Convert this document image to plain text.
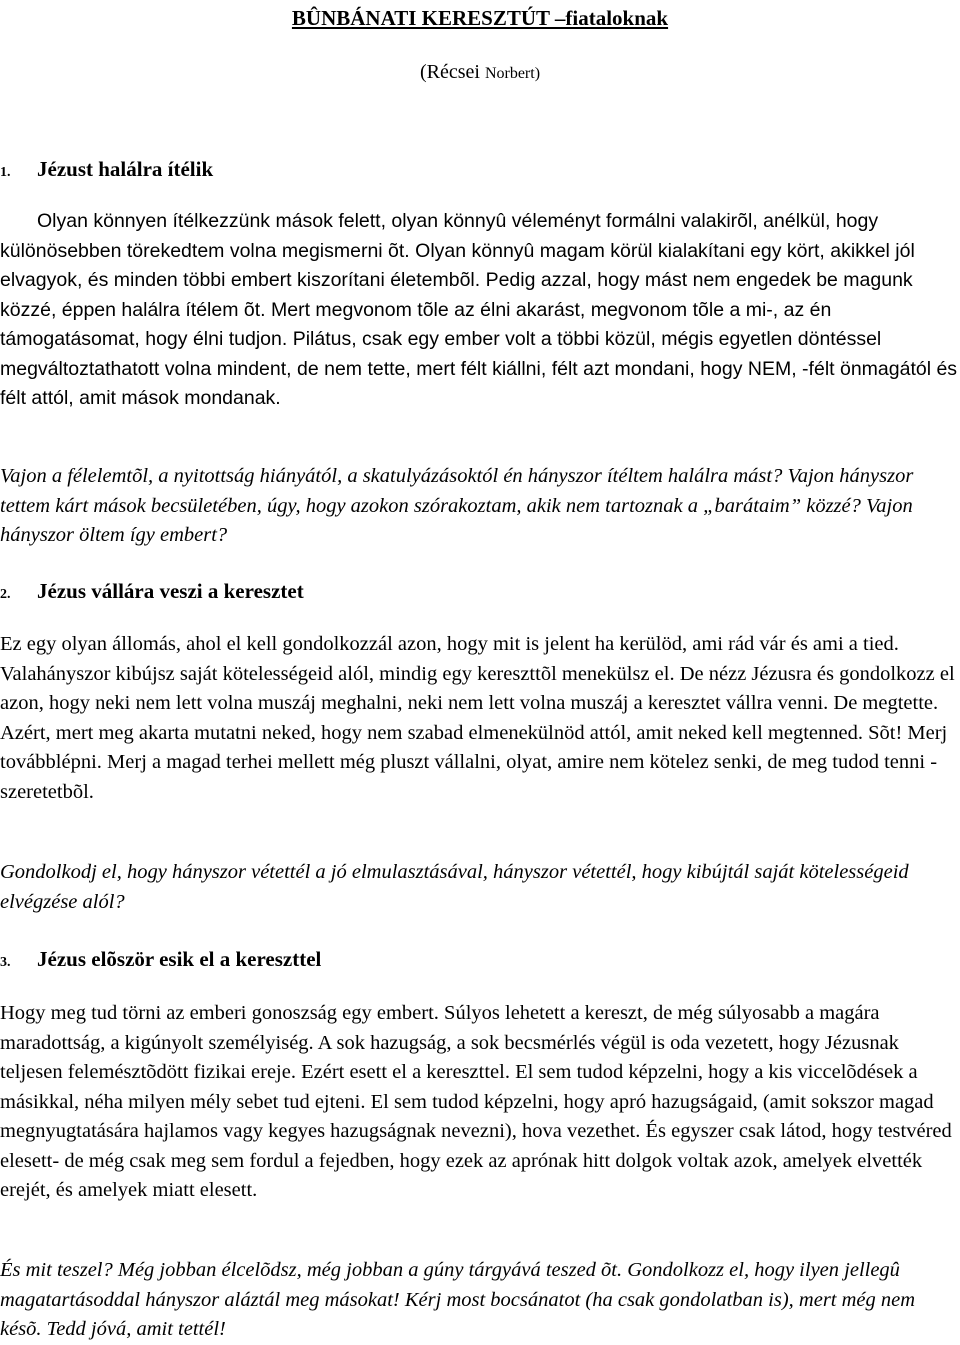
BÛNBÁNATI KERESZTÚT –fiataloknak
(Récsei Norbert)
1. Jézust halálra ítélik

Olyan könnyen ítélkezzünk mások felett, olyan könnyû véleményt formálni valakirõl, anélkül, hogy különösebben törekedtem volna megismerni õt. Olyan könnyû magam körül kialakítani egy kört, akikkel jól elvagyok, és minden többi embert kiszorítani életembõl. Pedig azzal, hogy mást nem engedek be magunk közzé, éppen halálra ítélem õt. Mert megvonom tõle az élni akarást, megvonom tõle a mi-, az én támogatásomat, hogy élni tudjon. Pilátus, csak egy ember volt a többi közül, mégis egyetlen döntéssel megváltoztathatott volna mindent, de nem tette, mert félt kiállni, félt azt mondani, hogy NEM, -félt önmagától és félt attól, amit mások mondanak.

Vajon a félelemtõl, a nyitottság hiányától, a skatulyázásoktól én hányszor ítéltem halálra mást? Vajon hányszor tettem kárt mások becsületében, úgy, hogy azokon szórakoztam, akik nem tartoznak a „barátaim” közzé? Vajon hányszor öltem így embert?

2. Jézus vállára veszi a keresztet

Ez egy olyan állomás, ahol el kell gondolkozzál azon, hogy mit is jelent ha kerülöd, ami rád vár és ami a tied. Valahányszor kibújsz saját kötelességeid alól, mindig egy kereszttõl menekülsz el. De nézz Jézusra és gondolkozz el azon, hogy neki nem lett volna muszáj meghalni, neki nem lett volna muszáj a keresztet vállra venni. De megtette. Azért, mert meg akarta mutatni neked, hogy nem szabad elmenekülnöd attól, amit neked kell megtenned. Sõt! Merj továbblépni. Merj a magad terhei mellett még pluszt vállalni, olyat, amire nem kötelez senki, de meg tudod tenni - szeretetbõl.

Gondolkodj el, hogy hányszor vétettél a jó elmulasztásával, hányszor vétettél, hogy kibújtál saját kötelességeid elvégzése alól?

3. Jézus elõször esik el a kereszttel

Hogy meg tud törni az emberi gonoszság egy embert. Súlyos lehetett a kereszt, de még súlyosabb a magára maradottság, a kigúnyolt személyiség. A sok hazugság, a sok becsmérlés végül is oda vezetett, hogy Jézusnak teljesen felemésztõdött fizikai ereje. Ezért esett el a kereszttel. El sem tudod képzelni, hogy a kis viccelõdések a másikkal, néha milyen mély sebet tud ejteni. El sem tudod képzelni, hogy apró hazugságaid, (amit sokszor magad megnyugtatására hajlamos vagy kegyes hazugságnak nevezni), hova vezethet. És egyszer csak látod, hogy testvéred elesett- de még csak meg sem fordul a fejedben, hogy ezek az aprónak hitt dolgok voltak azok, amelyek elvették erejét, és amelyek miatt elesett.

És mit teszel? Még jobban élcelõdsz, még jobban a gúny tárgyává teszed õt. Gondolkozz el, hogy ilyen jellegû magatartásoddal hányszor aláztál meg másokat! Kérj most bocsánatot (ha csak gondolatban is), mert még nem késõ. Tedd jóvá, amit tettél!
